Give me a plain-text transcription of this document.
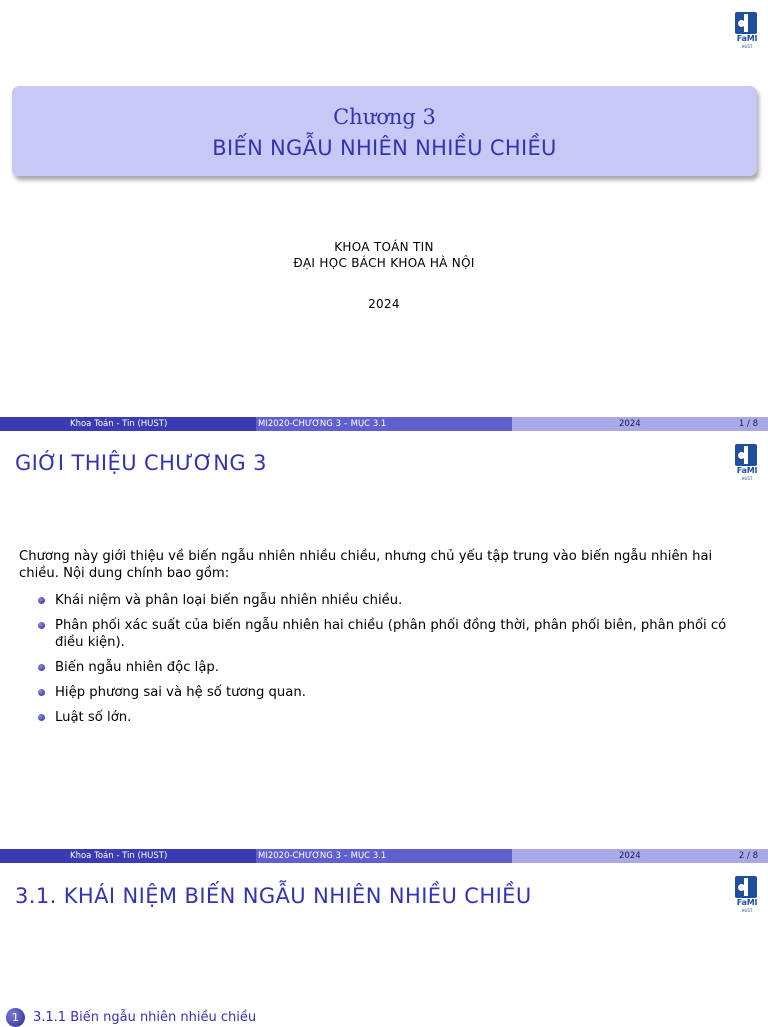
FaMI
HUST
Chương 3
BIẾN NGẪU NHIÊN NHIỀU CHIỀU
KHOA TOÁN TIN
ĐẠI HỌC BÁCH KHOA HÀ NỘI
2024
Khoa Toán - Tin (HUST)	MI2020-CHƯƠNG 3 – MỤC 3.1	2024	1 / 8
GIỚI THIỆU CHƯƠNG 3	FaMI
HUST
Chương này giới thiệu về biến ngẫu nhiên nhiều chiều, nhưng chủ yếu tập trung vào biến ngẫu nhiên hai chiều. Nội dung chính bao gồm:
Khái niệm và phân loại biến ngẫu nhiên nhiều chiều.
Phân phối xác suất của biến ngẫu nhiên hai chiều (phân phối đồng thời, phân phối biên, phân phối có điều kiện).
Biến ngẫu nhiên độc lập.
Hiệp phương sai và hệ số tương quan.
Luật số lớn.
Khoa Toán - Tin (HUST)	MI2020-CHƯƠNG 3 – MỤC 3.1	2024	2 / 8
3.1. KHÁI NIỆM BIẾN NGẪU NHIÊN NHIỀU CHIỀU	FaMI
HUST
1 3.1.1 Biến ngẫu nhiên nhiều chiều
